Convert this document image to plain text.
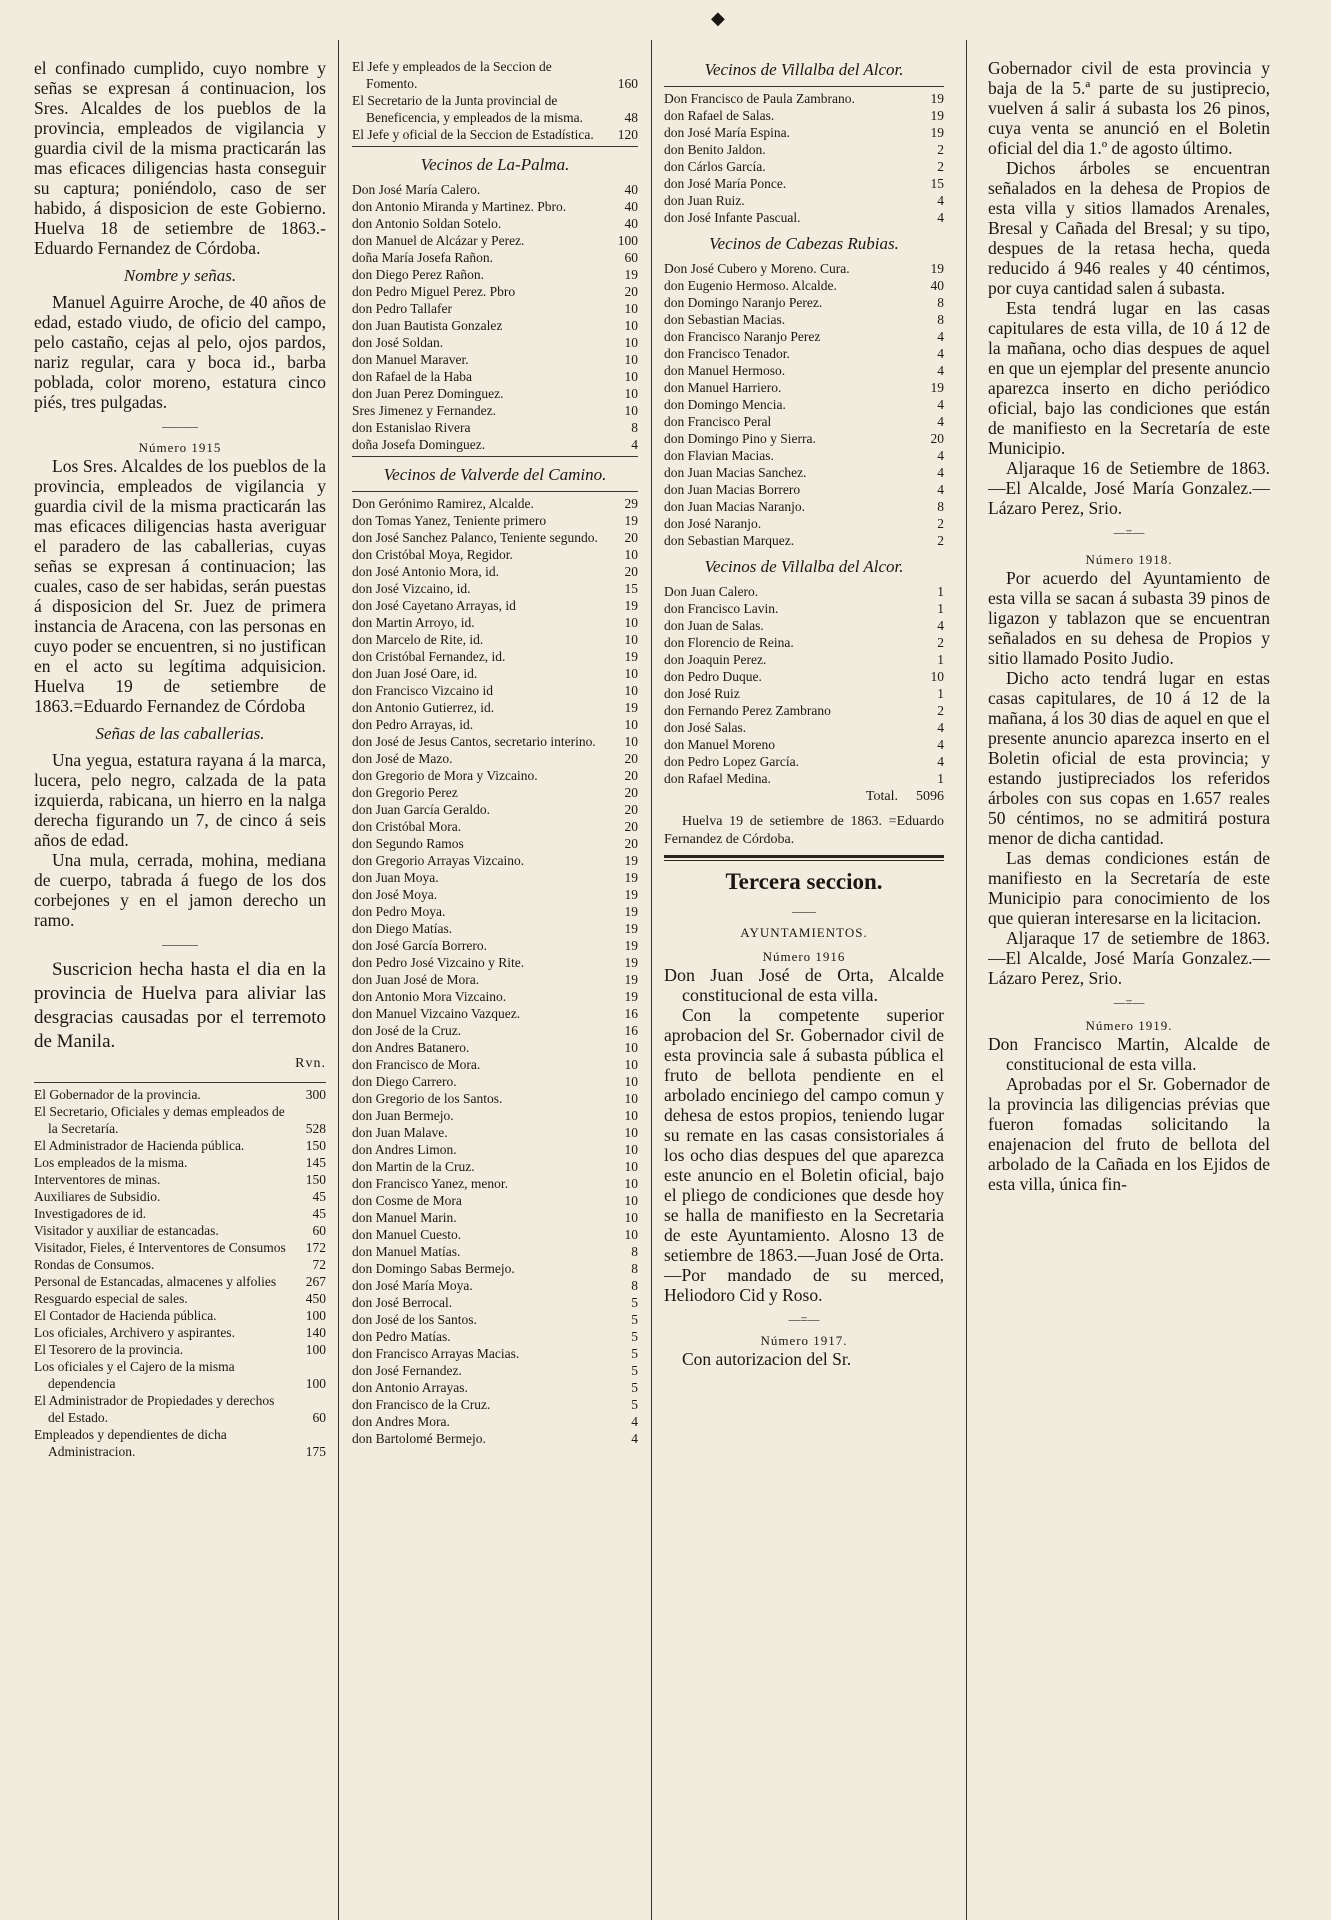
◆

el confinado cumplido, cuyo nombre y señas se expresan á continuacion, los Sres. Alcaldes de los pueblos de la provincia, empleados de vigilancia y guardia civil de la misma practicarán las mas eficaces diligencias hasta conseguir su captura; poniéndolo, caso de ser habido, á disposicion de este Gobierno. Huelva 18 de setiembre de 1863.-Eduardo Fernandez de Córdoba.

Nombre y señas.

Manuel Aguirre Aroche, de 40 años de edad, estado viudo, de oficio del campo, pelo castaño, cejas al pelo, ojos pardos, nariz regular, cara y boca id., barba poblada, color moreno, estatura cinco piés, tres pulgadas.

———

Número 1915

Los Sres. Alcaldes de los pueblos de la provincia, empleados de vigilancia y guardia civil de la misma practicarán las mas eficaces diligencias hasta averiguar el paradero de las caballerias, cuyas señas se expresan á continuacion; las cuales, caso de ser habidas, serán puestas á disposicion del Sr. Juez de primera instancia de Aracena, con las personas en cuyo poder se encuentren, si no justifican en el acto su legítima adquisicion. Huelva 19 de setiembre de 1863.=Eduardo Fernandez de Córdoba

Señas de las caballerias.

Una yegua, estatura rayana á la marca, lucera, pelo negro, calzada de la pata izquierda, rabicana, un hierro en la nalga derecha figurando un 7, de cinco á seis años de edad.

Una mula, cerrada, mohina, mediana de cuerpo, tabrada á fuego de los dos corbejones y en el jamon derecho un ramo.

———

Suscricion hecha hasta el dia en la provincia de Huelva para aliviar las desgracias causadas por el terremoto de Manila.

Rvn.

El Gobernador de la provincia.	300
El Secretario, Oficiales y demas empleados de la Secretaría.	528
El Administrador de Hacienda pública.	150
Los empleados de la misma.	145
Interventores de minas.	150
Auxiliares de Subsidio.	45
Investigadores de id.	45
Visitador y auxiliar de estancadas.	60
Visitador, Fieles, é Interventores de Consumos	172
Rondas de Consumos.	72
Personal de Estancadas, almacenes y alfolies	267
Resguardo especial de sales.	450
El Contador de Hacienda pública.	100
Los oficiales, Archivero y aspirantes.	140
El Tesorero de la provincia.	100
Los oficiales y el Cajero de la misma dependencia	100
El Administrador de Propiedades y derechos del Estado.	60
Empleados y dependientes de dicha Administracion.	175
El Jefe y empleados de la Seccion de Fomento.	160
El Secretario de la Junta provincial de Beneficencia, y empleados de la misma.	48
El Jefe y oficial de la Seccion de Estadística.	120

Vecinos de La-Palma.

Don José María Calero.	40
don Antonio Miranda y Martinez. Pbro.	40
don Antonio Soldan Sotelo.	40
don Manuel de Alcázar y Perez.	100
doña María Josefa Rañon.	60
don Diego Perez Rañon.	19
don Pedro Miguel Perez. Pbro	20
don Pedro Tallafer	10
don Juan Bautista Gonzalez	10
don José Soldan.	10
don Manuel Maraver.	10
don Rafael de la Haba	10
don Juan Perez Dominguez.	10
Sres Jimenez y Fernandez.	10
don Estanislao Rivera	8
doña Josefa Dominguez.	4

Vecinos de Valverde del Camino.

Don Gerónimo Ramirez, Alcalde.	29
don Tomas Yanez, Teniente primero	19
don José Sanchez Palanco, Teniente segundo.	20
don Cristóbal Moya, Regidor.	10
don José Antonio Mora, id.	20
don José Vizcaino, id.	15
don José Cayetano Arrayas, id	19
don Martin Arroyo, id.	10
don Marcelo de Rite, id.	10
don Cristóbal Fernandez, id.	19
don Juan José Oare, id.	10
don Francisco Vizcaino id	10
don Antonio Gutierrez, id.	19
don Pedro Arrayas, id.	10
don José de Jesus Cantos, secretario interino.	10
don José de Mazo.	20
don Gregorio de Mora y Vizcaino.	20
don Gregorio Perez	20
don Juan García Geraldo.	20
don Cristóbal Mora.	20
don Segundo Ramos	20
don Gregorio Arrayas Vizcaino.	19
don Juan Moya.	19
don José Moya.	19
don Pedro Moya.	19
don Diego Matías.	19
don José García Borrero.	19
don Pedro José Vizcaino y Rite.	19
don Juan José de Mora.	19
don Antonio Mora Vizcaino.	19
don Manuel Vizcaino Vazquez.	16
don José de la Cruz.	16
don Andres Batanero.	10
don Francisco de Mora.	10
don Diego Carrero.	10
don Gregorio de los Santos.	10
don Juan Bermejo.	10
don Juan Malave.	10
don Andres Limon.	10
don Martin de la Cruz.	10
don Francisco Yanez, menor.	10
don Cosme de Mora	10
don Manuel Marin.	10
don Manuel Cuesto.	10
don Manuel Matías.	8
don Domingo Sabas Bermejo.	8
don José María Moya.	8
don José Berrocal.	5
don José de los Santos.	5
don Pedro Matías.	5
don Francisco Arrayas Macias.	5
don José Fernandez.	5
don Antonio Arrayas.	5
don Francisco de la Cruz.	5
don Andres Mora.	4
don Bartolomé Bermejo.	4

Vecinos de Villalba del Alcor.

Don Francisco de Paula Zambrano.	19
don Rafael de Salas.	19
don José María Espina.	19
don Benito Jaldon.	2
don Cárlos García.	2
don José María Ponce.	15
don Juan Ruiz.	4
don José Infante Pascual.	4

Vecinos de Cabezas Rubias.

Don José Cubero y Moreno. Cura.	19
don Eugenio Hermoso. Alcalde.	40
don Domingo Naranjo Perez.	8
don Sebastian Macias.	8
don Francisco Naranjo Perez	4
don Francisco Tenador.	4
don Manuel Hermoso.	4
don Manuel Harriero.	19
don Domingo Mencia.	4
don Francisco Peral	4
don Domingo Pino y Sierra.	20
don Flavian Macias.	4
don Juan Macias Sanchez.	4
don Juan Macias Borrero	4
don Juan Macias Naranjo.	8
don José Naranjo.	2
don Sebastian Marquez.	2

Vecinos de Villalba del Alcor.

Don Juan Calero.	1
don Francisco Lavin.	1
don Juan de Salas.	4
don Florencio de Reina.	2
don Joaquin Perez.	1
don Pedro Duque.	10
don José Ruiz	1
don Fernando Perez Zambrano	2
don José Salas.	4
don Manuel Moreno	4
don Pedro Lopez García.	4
don Rafael Medina.	1
Total. 5096

Huelva 19 de setiembre de 1863. =Eduardo Fernandez de Córdoba.

Tercera seccion.

——

AYUNTAMIENTOS.

Número 1916

Don Juan José de Orta, Alcalde constitucional de esta villa.

Con la competente superior aprobacion del Sr. Gobernador civil de esta provincia sale á subasta pública el fruto de bellota pendiente en el arbolado enciniego del campo comun y dehesa de estos propios, teniendo lugar su remate en las casas consistoriales á los ocho dias despues del que aparezca este anuncio en el Boletin oficial, bajo el pliego de condiciones que desde hoy se halla de manifiesto en la Secretaria de este Ayuntamiento. Alosno 13 de setiembre de 1863.—Juan José de Orta.—Por mandado de su merced, Heliodoro Cid y Roso.

—=—

Número 1917.

Con autorizacion del Sr.

Gobernador civil de esta provincia y baja de la 5.ª parte de su justiprecio, vuelven á salir á subasta los 26 pinos, cuya venta se anunció en el Boletin oficial del dia 1.º de agosto último.

Dichos árboles se encuentran señalados en la dehesa de Propios de esta villa y sitios llamados Arenales, Bresal y Cañada del Bresal; y su tipo, despues de la retasa hecha, queda reducido á 946 reales y 40 céntimos, por cuya cantidad salen á subasta.

Esta tendrá lugar en las casas capitulares de esta villa, de 10 á 12 de la mañana, ocho dias despues de aquel en que un ejemplar del presente anuncio aparezca inserto en dicho periódico oficial, bajo las condiciones que están de manifiesto en la Secretaría de este Municipio.

Aljaraque 16 de Setiembre de 1863.—El Alcalde, José María Gonzalez.—Lázaro Perez, Srio.

—=—

Número 1918.

Por acuerdo del Ayuntamiento de esta villa se sacan á subasta 39 pinos de ligazon y tablazon que se encuentran señalados en su dehesa de Propios y sitio llamado Posito Judio.

Dicho acto tendrá lugar en estas casas capitulares, de 10 á 12 de la mañana, á los 30 dias de aquel en que el presente anuncio aparezca inserto en el Boletin oficial de esta provincia; y estando justipreciados los referidos árboles con sus copas en 1.657 reales 50 céntimos, no se admitirá postura menor de dicha cantidad.

Las demas condiciones están de manifiesto en la Secretaría de este Municipio para conocimiento de los que quieran interesarse en la licitacion.

Aljaraque 17 de setiembre de 1863.—El Alcalde, José María Gonzalez.—Lázaro Perez, Srio.

—=—

Número 1919.

Don Francisco Martin, Alcalde de constitucional de esta villa.

Aprobadas por el Sr. Gobernador de la provincia las diligencias prévias que fueron fomadas solicitando la enajenacion del fruto de bellota del arbolado de la Cañada en los Ejidos de esta villa, única fin-
